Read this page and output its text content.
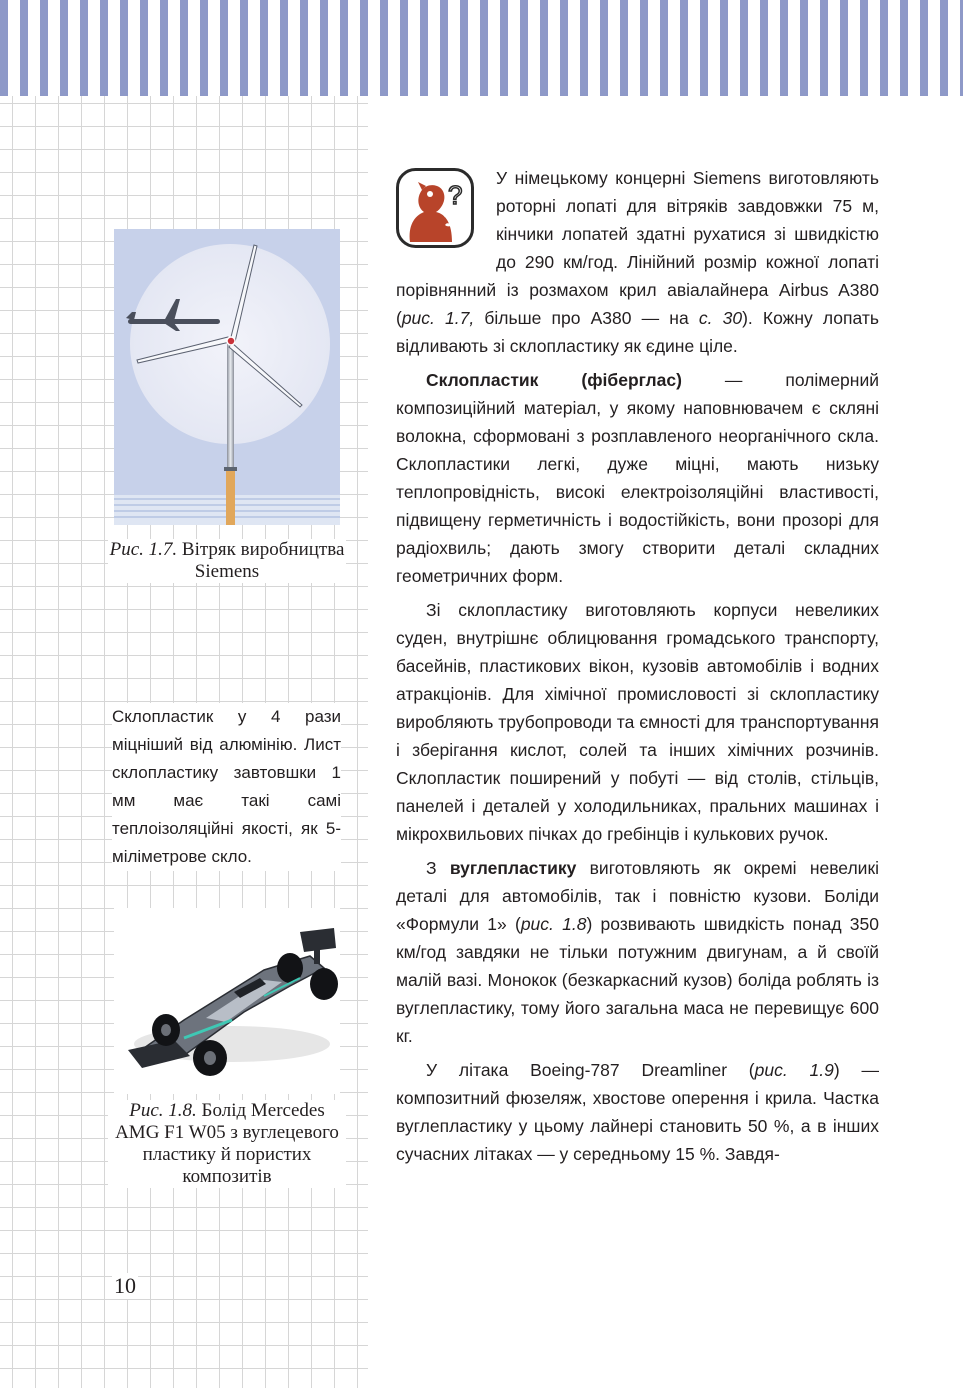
Рис. 1.7. Вітряк виробництва Siemens

Склопластик у 4 рази міцніший від алюмінію. Лист склопластику завтовшки 1 мм має такі самі теплоізоляційні якості, як 5-міліметрове скло.

Рис. 1.8. Болід Mercedes AMG F1 W05 з вуглецевого пластику й пористих композитів

10
?

У німецькому концерні Siemens виготовляють роторні лопаті для вітряків завдовжки 75 м, кінчики лопатей здатні рухатися зі швидкістю до 290 км/год. Лінійний розмір кожної лопаті порівнянний із розмахом крил авіалайнера Airbus A380 (рис. 1.7, більше про A380 — на с. 30). Кожну лопать відливають зі склопластику як єдине ціле.

Склопластик (фіберглас) — полімерний композиційний матеріал, у якому наповнювачем є скляні волокна, сформовані з розплавленого неорганічного скла. Склопластики легкі, дуже міцні, мають низьку теплопровідність, високі електроізоляційні властивості, підвищену герметичність і водостійкість, вони прозорі для радіохвиль; дають змогу створити деталі складних геометричних форм.

Зі склопластику виготовляють корпуси невеликих суден, внутрішнє облицювання громадського транспорту, басейнів, пластикових вікон, кузовів автомобілів і водних атракціонів. Для хімічної промисловості зі склопластику виробляють трубопроводи та ємності для транспортування і зберігання кислот, солей та інших хімічних розчинів. Склопластик поширений у побуті — від столів, стільців, панелей і деталей у холодильниках, пральних машинах і мікрохвильових пічках до гребінців і кулькових ручок.

З вуглепластику виготовляють як окремі невеликі деталі для автомобілів, так і повністю кузови. Боліди «Формули 1» (рис. 1.8) розвивають швидкість понад 350 км/год завдяки не тільки потужним двигунам, а й своїй малій вазі. Монокок (безкаркасний кузов) боліда роблять із вуглепластику, тому його загальна маса не перевищує 600 кг.

У літака Boeing-787 Dreamliner (рис. 1.9) — композитний фюзеляж, хвостове оперення і крила. Частка вуглепластику у цьому лайнері становить 50 %, а в інших сучасних літаках — у середньому 15 %. Завдя-
